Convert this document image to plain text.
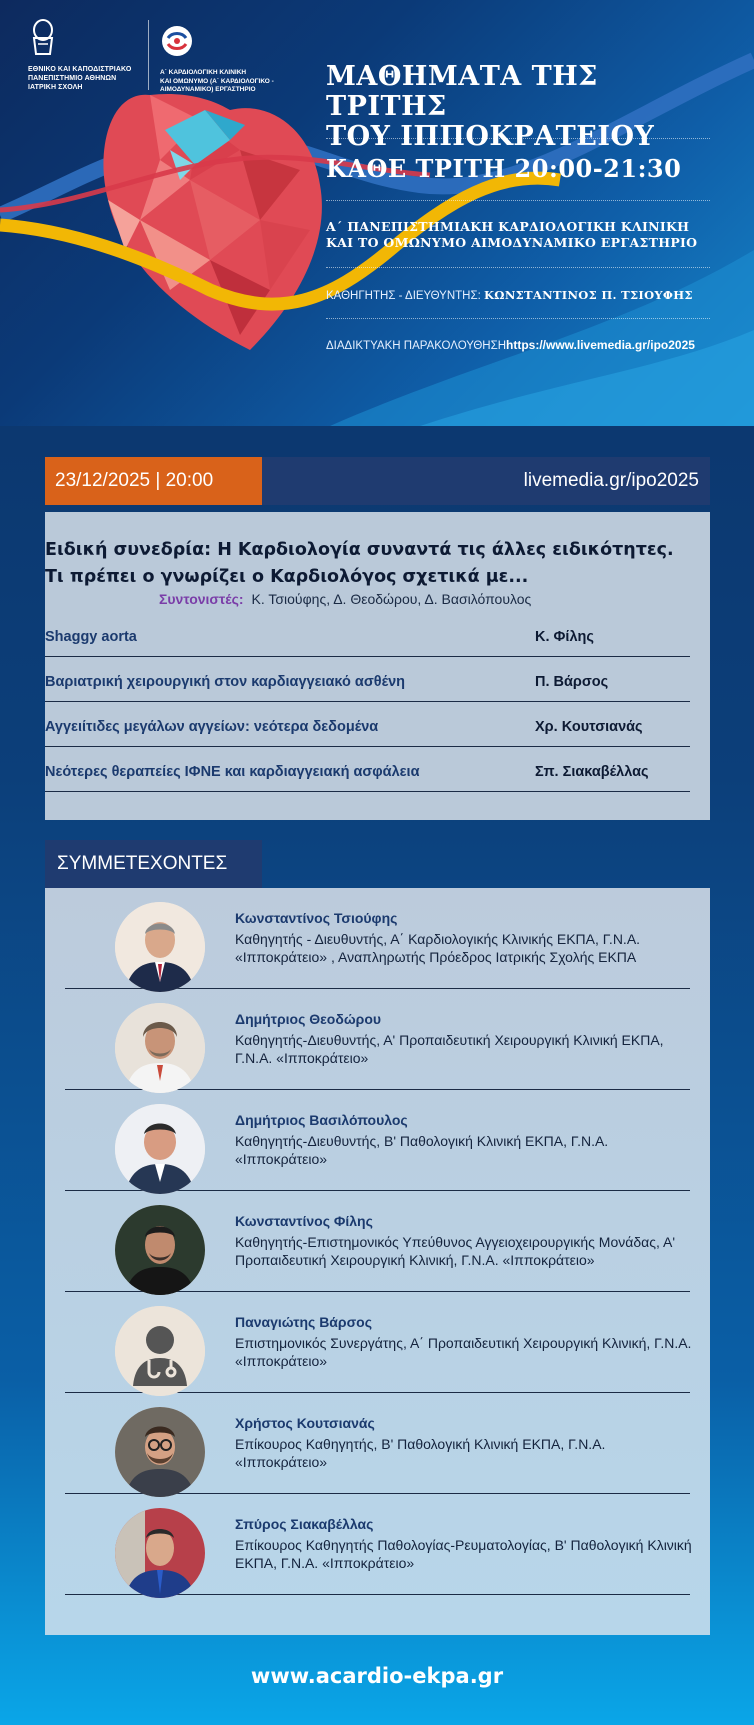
ΕΘΝΙΚΟ ΚΑΙ ΚΑΠΟΔΙΣΤΡΙΑΚΟ
ΠΑΝΕΠΙΣΤΗΜΙΟ ΑΘΗΝΩΝ
ΙΑΤΡΙΚΗ ΣΧΟΛΗ
Α΄ ΚΑΡΔΙΟΛΟΓΙΚΗ ΚΛΙΝΙΚΗ
ΚΑΙ ΟΜΩΝΥΜΟ (Α΄ ΚΑΡΔΙΟΛΟΓΙΚΟ -
ΑΙΜΟΔΥΝΑΜΙΚΟ) ΕΡΓΑΣΤΗΡΙΟ	ΜΑΘΗΜΑΤΑ ΤΗΣ ΤΡΙΤΗΣ
ΤΟΥ ΙΠΠΟΚΡΑΤΕΙΟΥ
ΚΑΘΕ ΤΡΙΤΗ 20:00-21:30
Α΄ ΠΑΝΕΠΙΣΤΗΜΙΑΚΗ ΚΑΡΔΙΟΛΟΓΙΚΗ ΚΛΙΝΙΚΗ
ΚΑΙ ΤΟ ΟΜΩΝΥΜΟ ΑΙΜΟΔΥΝΑΜΙΚΟ ΕΡΓΑΣΤΗΡΙΟ
ΚΑΘΗΓΗΤΗΣ - ΔΙΕΥΘΥΝΤΗΣ: ΚΩΝΣΤΑΝΤΙΝΟΣ Π. ΤΣΙΟΥΦΗΣ
ΔΙΑΔΙΚΤΥΑΚΗ ΠΑΡΑΚΟΛΟΥΘΗΣΗhttps://www.livemedia.gr/ipo2025
23/12/2025 | 20:00	livemedia.gr/ipo2025
Ειδική συνεδρία: Η Καρδιολογία συναντά τις άλλες ειδικότητες.
Τι πρέπει ο γνωρίζει ο Καρδιολόγος σχετικά με...
Συντονιστές: Κ. Τσιούφης, Δ. Θεοδώρου, Δ. Βασιλόπουλος
Shaggy aorta	Κ. Φίλης
Βαριατρική χειρουργική στον καρδιαγγειακό ασθένη	Π. Βάρσος
Αγγειίτιδες μεγάλων αγγείων: νεότερα δεδομένα	Χρ. Κουτσιανάς
Νεότερες θεραπείες ΙΦΝΕ και καρδιαγγειακή ασφάλεια	Σπ. Σιακαβέλλας
ΣΥΜΜΕΤΕΧΟΝΤΕΣ
Κωνσταντίνος Τσιούφης
Καθηγητής - Διευθυντής, Α΄ Καρδιολογικής Κλινικής ΕΚΠΑ, Γ.Ν.Α. «Ιπποκράτειο» , Αναπληρωτής Πρόεδρος Ιατρικής Σχολής ΕΚΠΑ
Δημήτριος Θεοδώρου
Καθηγητής-Διευθυντής, Α' Προπαιδευτική Χειρουργική Κλινική ΕΚΠΑ, Γ.Ν.Α. «Ιπποκράτειο»
Δημήτριος Βασιλόπουλος
Καθηγητής-Διευθυντής, Β' Παθολογική Κλινική ΕΚΠΑ, Γ.Ν.Α. «Ιπποκράτειο»
Κωνσταντίνος Φίλης
Καθηγητής-Επιστημονικός Υπεύθυνος Αγγειοχειρουργικής Μονάδας, Α' Προπαιδευτική Χειρουργική Κλινική, Γ.Ν.Α. «Ιπποκράτειο»
Παναγιώτης Βάρσος
Επιστημονικός Συνεργάτης, Α΄ Προπαιδευτική Χειρουργική Κλινική, Γ.Ν.Α. «Ιπποκράτειο»
Χρήστος Κουτσιανάς
Επίκουρος Καθηγητής, Β' Παθολογική Κλινική ΕΚΠΑ, Γ.Ν.Α. «Ιπποκράτειο»
Σπύρος Σιακαβέλλας
Επίκουρος Καθηγητής Παθολογίας-Ρευματολογίας, Β' Παθολογική Κλινική ΕΚΠΑ, Γ.Ν.Α. «Ιπποκράτειο»
www.acardio-ekpa.gr
